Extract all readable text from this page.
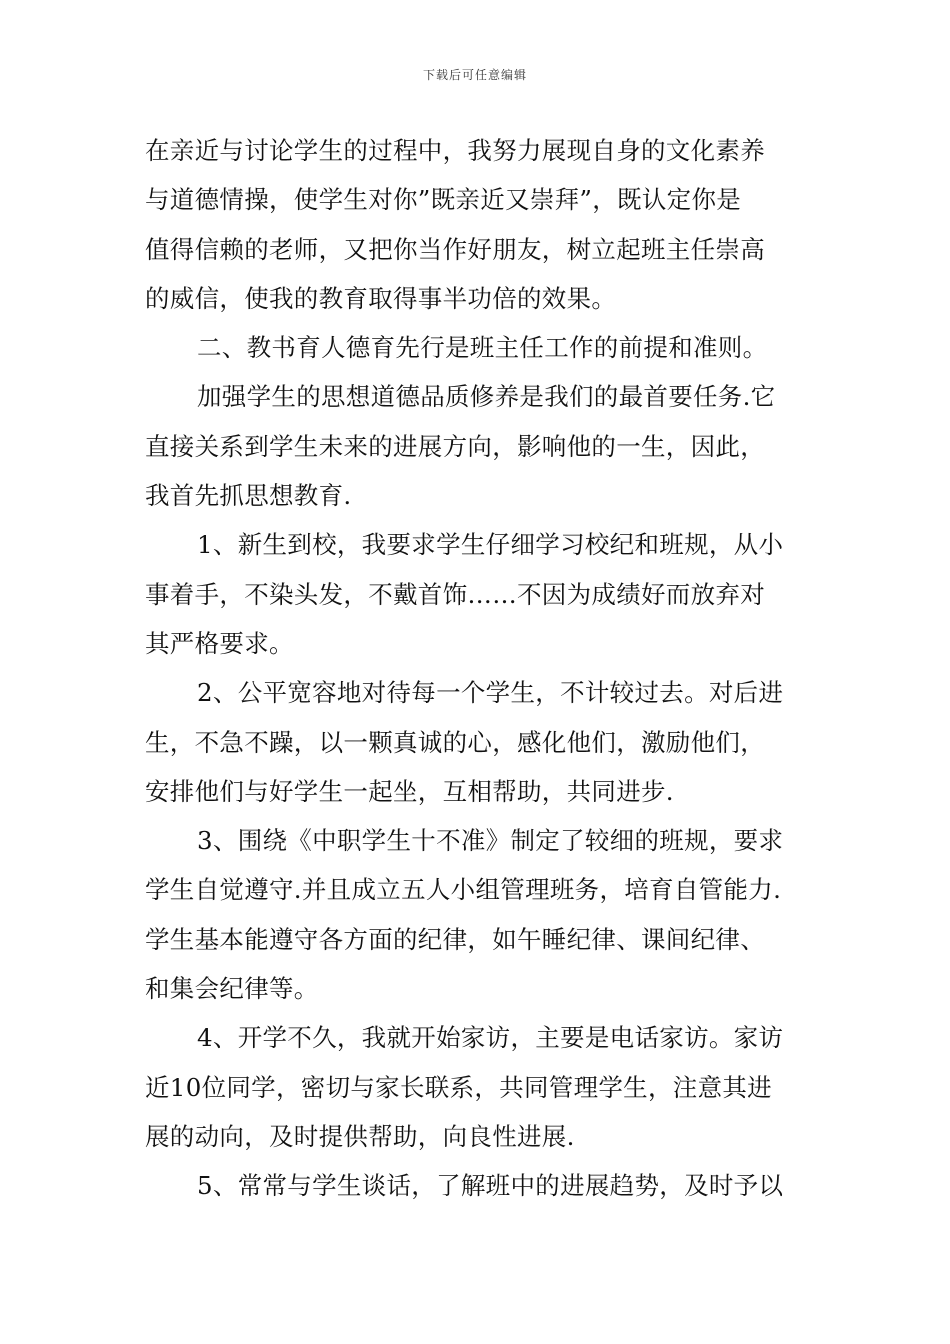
下载后可任意编辑
在亲近与讨论学生的过程中，我努力展现自身的文化素养
与道德情操，使学生对你”既亲近又崇拜”，既认定你是
值得信赖的老师，又把你当作好朋友，树立起班主任崇高
的威信，使我的教育取得事半功倍的效果。
二、教书育人德育先行是班主任工作的前提和准则。
加强学生的思想道德品质修养是我们的最首要任务.它
直接关系到学生未来的进展方向，影响他的一生，因此，
我首先抓思想教育.
1、新生到校，我要求学生仔细学习校纪和班规，从小
事着手，不染头发，不戴首饰……不因为成绩好而放弃对
其严格要求。
2、公平宽容地对待每一个学生，不计较过去。对后进
生，不急不躁，以一颗真诚的心，感化他们，激励他们，
安排他们与好学生一起坐，互相帮助，共同进步.
3、围绕《中职学生十不准》制定了较细的班规，要求
学生自觉遵守.并且成立五人小组管理班务，培育自管能力.
学生基本能遵守各方面的纪律，如午睡纪律、课间纪律、
和集会纪律等。
4、开学不久，我就开始家访，主要是电话家访。家访
近10位同学，密切与家长联系，共同管理学生，注意其进
展的动向，及时提供帮助，向良性进展.
5、常常与学生谈话，了解班中的进展趋势，及时予以
